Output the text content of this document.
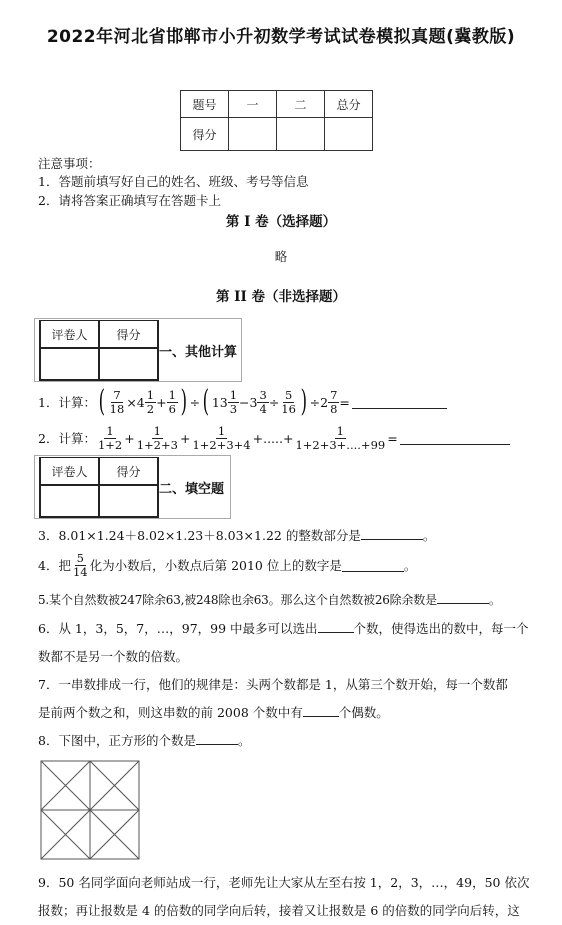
2022年河北省邯郸市小升初数学考试试卷模拟真题(冀教版)
题号	一	二	总分
得分			
注意事项：
1．答题前填写好自己的姓名、班级、考号等信息
2．请将答案正确填写在答题卡上
第 I 卷（选择题）
略
第 II 卷（非选择题）
评卷人	得分

一、其他计算
1．计算： ( $\frac{7}{18} \times 4 \frac{1}{2} + \frac{1}{6}$ ) ÷ ( $13 \frac{1}{3} -3 \frac{3}{4} \div \frac{5}{16}$ ) $\div 2 \frac{7}{8}$ =
2．计算： $\frac{1}{1+2} + \frac{1}{1+2+3} + \frac{1}{1+2+3+4}$ +.....+ $\frac{1}{1+2+3+....+99}$ =
评卷人	得分

二、填空题
3．8.01×1.24＋8.02×1.23＋8.03×1.22 的整数部分是	。
4．把 $\frac{5}{14}$ 化为小数后，小数点后第 2010 位上的数字是	。
5.某个自然数被247除余63,被248除也余63。那么这个自然数被26除余数是	。
6．从 1，3，5，7，…，97，99 中最多可以选出	个数，使得选出的数中，每一个
数都不是另一个数的倍数。
7．一串数排成一行，他们的规律是：头两个数都是 1，从第三个数开始，每一个数都
是前两个数之和，则这串数的前 2008 个数中有	个偶数。
8．下图中，正方形的个数是	。
9．50 名同学面向老师站成一行，老师先让大家从左至右按 1，2，3，…，49，50 依次
报数；再让报数是 4 的倍数的同学向后转，接着又让报数是 6 的倍数的同学向后转，这
